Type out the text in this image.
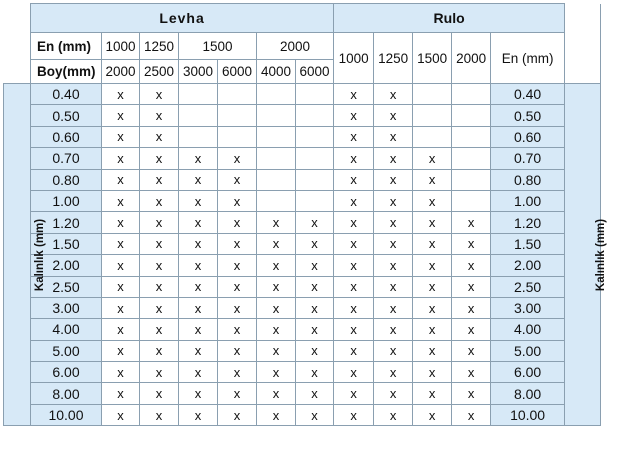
	Levha							Rulo					
	En (mm)	1000	1250	1500		2000		1000	1250	1500	2000	En (mm)	
	Boy(mm)	2000	2500	3000	6000	4000	6000						
Kalınlık (mm)	0.40	x	x					x	x			0.40	Kalınlık (mm)
	0.50	x	x					x	x			0.50	
	0.60	x	x					x	x			0.60	
	0.70	x	x	x	x			x	x	x		0.70	
	0.80	x	x	x	x			x	x	x		0.80	
	1.00	x	x	x	x			x	x	x		1.00	
	1.20	x	x	x	x	x	x	x	x	x	x	1.20	
	1.50	x	x	x	x	x	x	x	x	x	x	1.50	
	2.00	x	x	x	x	x	x	x	x	x	x	2.00	
	2.50	x	x	x	x	x	x	x	x	x	x	2.50	
	3.00	x	x	x	x	x	x	x	x	x	x	3.00	
	4.00	x	x	x	x	x	x	x	x	x	x	4.00	
	5.00	x	x	x	x	x	x	x	x	x	x	5.00	
	6.00	x	x	x	x	x	x	x	x	x	x	6.00	
	8.00	x	x	x	x	x	x	x	x	x	x	8.00	
	10.00	x	x	x	x	x	x	x	x	x	x	10.00	
